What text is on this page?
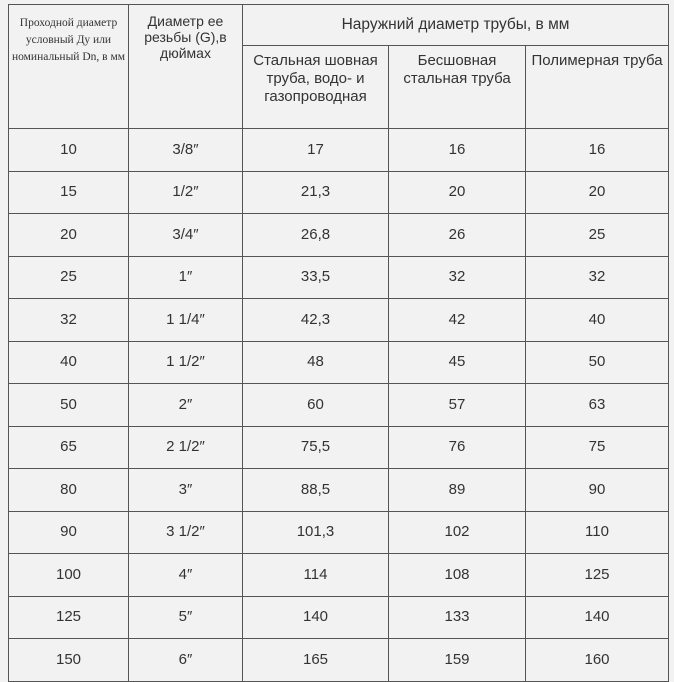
Проходной диаметр условный Ду или номинальный Dn, в мм	Диаметр ее резьбы (G),в дюймах	Наружний диаметр трубы, в мм		
		Стальная шовная труба, водо- и газопроводная	Бесшовная стальная труба	Полимерная труба
10	3/8″	17	16	16
15	1/2″	21,3	20	20
20	3/4″	26,8	26	25
25	1″	33,5	32	32
32	1 1/4″	42,3	42	40
40	1 1/2″	48	45	50
50	2″	60	57	63
65	2 1/2″	75,5	76	75
80	3″	88,5	89	90
90	3 1/2″	101,3	102	110
100	4″	114	108	125
125	5″	140	133	140
150	6″	165	159	160
